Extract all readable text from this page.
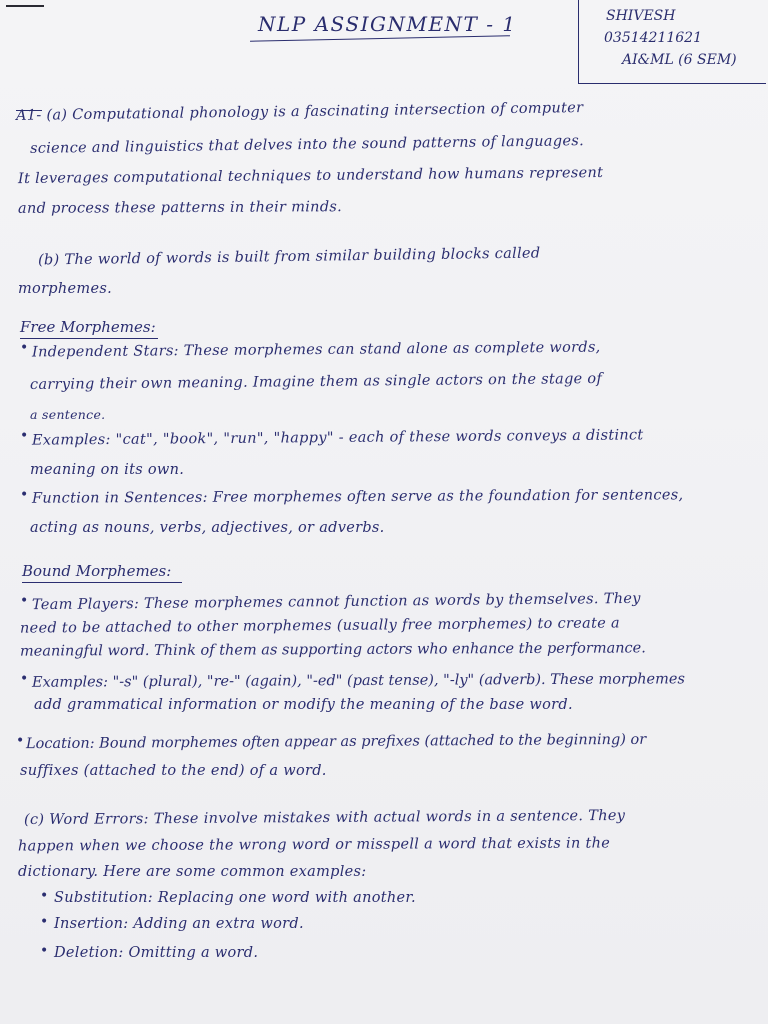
NLP ASSIGNMENT - 1	SHIVESH
03514211621
AI&ML (6 SEM)
A1- (a) Computational phonology is a fascinating intersection of computer
science and linguistics that delves into the sound patterns of languages.
It leverages computational techniques to understand how humans represent
and process these patterns in their minds.
(b) The world of words is built from similar building blocks called
morphemes.
Free Morphemes:
• Independent Stars: These morphemes can stand alone as complete words,
carrying their own meaning. Imagine them as single actors on the stage of
a sentence.
• Examples: "cat", "book", "run", "happy" - each of these words conveys a distinct
meaning on its own.
• Function in Sentences: Free morphemes often serve as the foundation for sentences,
acting as nouns, verbs, adjectives, or adverbs.
Bound Morphemes:
• Team Players: These morphemes cannot function as words by themselves. They
need to be attached to other morphemes (usually free morphemes) to create a
meaningful word. Think of them as supporting actors who enhance the performance.
• Examples: "-s" (plural), "re-" (again), "-ed" (past tense), "-ly" (adverb). These morphemes
add grammatical information or modify the meaning of the base word.
• Location: Bound morphemes often appear as prefixes (attached to the beginning) or
suffixes (attached to the end) of a word.
(c) Word Errors: These involve mistakes with actual words in a sentence. They
happen when we choose the wrong word or misspell a word that exists in the
dictionary. Here are some common examples:
• Substitution: Replacing one word with another.
• Insertion: Adding an extra word.
• Deletion: Omitting a word.
